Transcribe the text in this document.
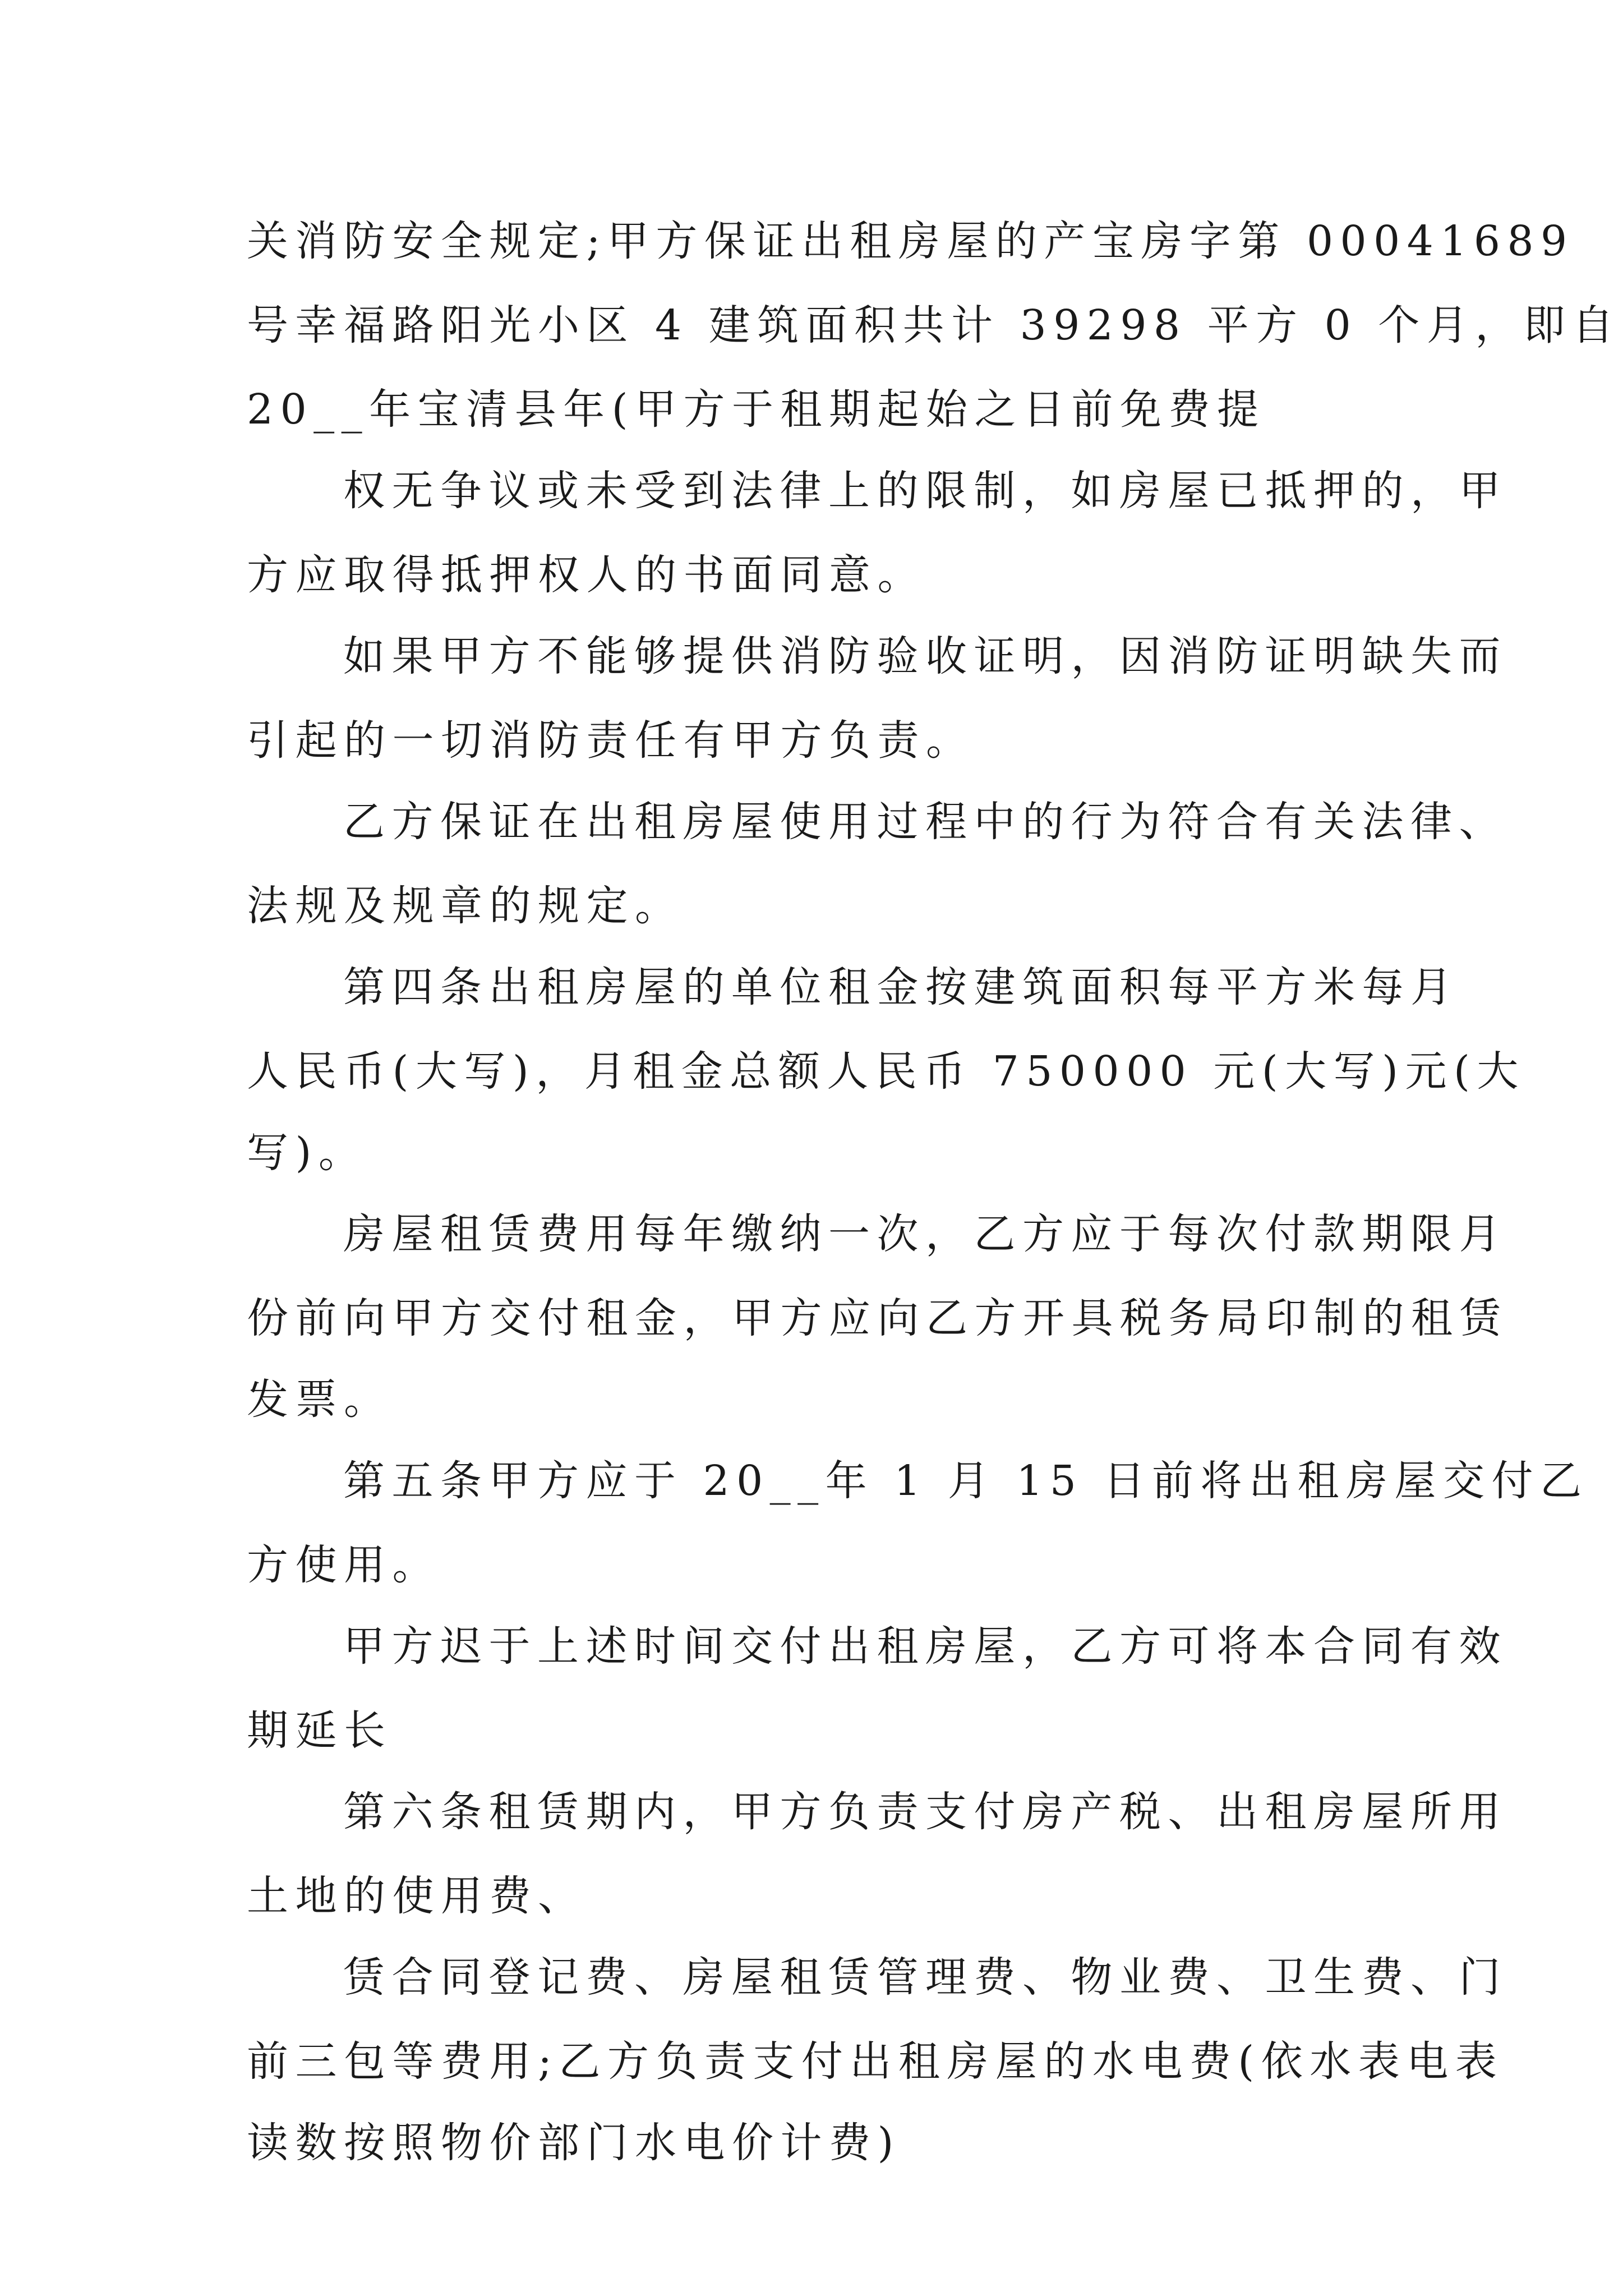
关消防安全规定;甲方保证出租房屋的产宝房字第 00041689
号幸福路阳光小区 4 建筑面积共计 39298 平方 0 个月，即自
20__年宝清县年(甲方于租期起始之日前免费提
权无争议或未受到法律上的限制，如房屋已抵押的，甲
方应取得抵押权人的书面同意。
如果甲方不能够提供消防验收证明，因消防证明缺失而
引起的一切消防责任有甲方负责。
乙方保证在出租房屋使用过程中的行为符合有关法律、
法规及规章的规定。
第四条出租房屋的单位租金按建筑面积每平方米每月
人民币(大写)，月租金总额人民币 750000 元(大写)元(大
写)。
房屋租赁费用每年缴纳一次，乙方应于每次付款期限月
份前向甲方交付租金，甲方应向乙方开具税务局印制的租赁
发票。
第五条甲方应于 20__年 1 月 15 日前将出租房屋交付乙
方使用。
甲方迟于上述时间交付出租房屋，乙方可将本合同有效
期延长
第六条租赁期内，甲方负责支付房产税、出租房屋所用
土地的使用费、
赁合同登记费、房屋租赁管理费、物业费、卫生费、门
前三包等费用;乙方负责支付出租房屋的水电费(依水表电表
读数按照物价部门水电价计费)
